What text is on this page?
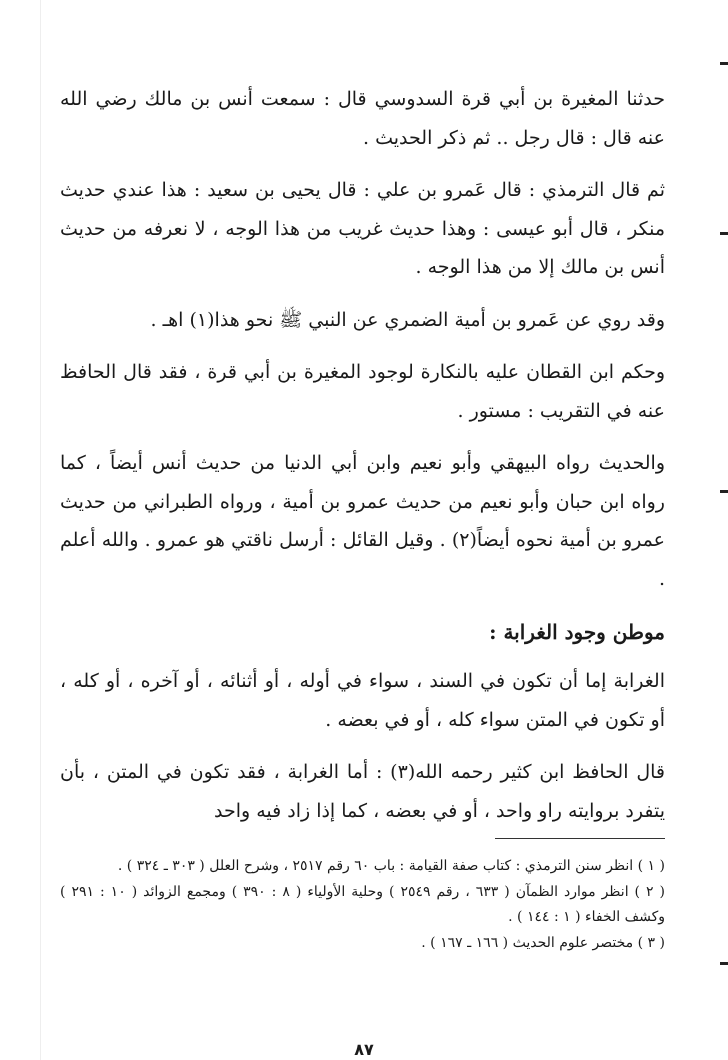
حدثنا المغيرة بن أبي قرة السدوسي قال : سمعت أنس بن مالك رضي الله عنه قال : قال رجل .. ثم ذكر الحديث .

ثم قال الترمذي : قال عَمرو بن علي : قال يحيى بن سعيد : هذا عندي حديث منكر ، قال أبو عيسى : وهذا حديث غريب من هذا الوجه ، لا نعرفه من حديث أنس بن مالك إلا من هذا الوجه .

وقد روي عن عَمرو بن أمية الضمري عن النبي ﷺ نحو هذا(١) اهـ .

وحكم ابن القطان عليه بالنكارة لوجود المغيرة بن أبي قرة ، فقد قال الحافظ عنه في التقريب : مستور .

والحديث رواه البيهقي وأبو نعيم وابن أبي الدنيا من حديث أنس أيضاً ، كما رواه ابن حبان وأبو نعيم من حديث عمرو بن أمية ، ورواه الطبراني من حديث عمرو بن أمية نحوه أيضاً(٢) . وقيل القائل : أرسل ناقتي هو عمرو . والله أعلم .

موطن وجود الغرابة :

الغرابة إما أن تكون في السند ، سواء في أوله ، أو أثنائه ، أو آخره ، أو كله ، أو تكون في المتن سواء كله ، أو في بعضه .

قال الحافظ ابن كثير رحمه الله(٣) : أما الغرابة ، فقد تكون في المتن ، بأن يتفرد بروايته راو واحد ، أو في بعضه ، كما إذا زاد فيه واحد

( ١ ) انظر سنن الترمذي : كتاب صفة القيامة : باب ٦٠ رقم ٢٥١٧ ، وشرح العلل ( ٣٠٣ ـ ٣٢٤ ) .

( ٢ ) انظر موارد الظمآن ( ٦٣٣ ، رقم ٢٥٤٩ ) وحلية الأولياء ( ٨ : ٣٩٠ ) ومجمع الزوائد ( ١٠ : ٢٩١ ) وكشف الخفاء ( ١ : ١٤٤ ) .

( ٣ ) مختصر علوم الحديث ( ١٦٦ ـ ١٦٧ ) .

٨٧
